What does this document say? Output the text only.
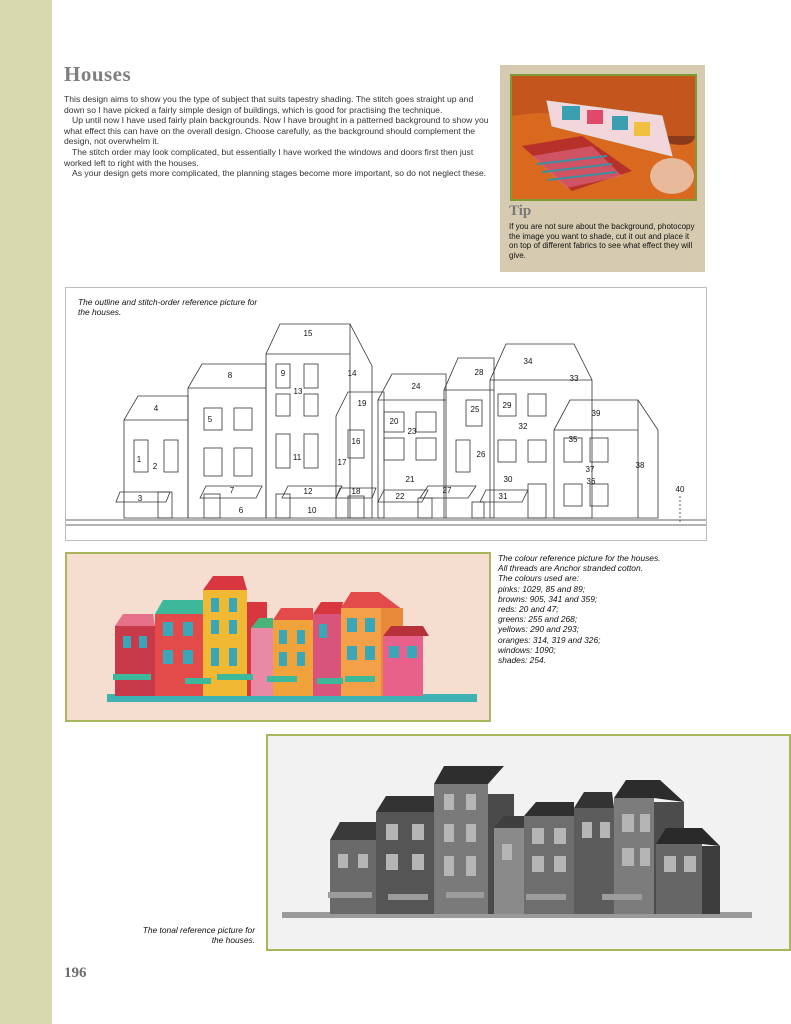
Houses

This design aims to show you the type of subject that suits tapestry shading. The stitch goes straight up and down so I have picked a fairly simple design of buildings, which is good for practising the technique.

Up until now I have used fairly plain backgrounds. Now I have brought in a patterned background to show you what effect this can have on the overall design. Choose carefully, as the background should complement the design, not overwhelm it.

The stitch order may look complicated, but essentially I have worked the windows and doors first then just worked left to right with the houses.

As your design gets more complicated, the planning stages become more important, so do not neglect these.

Tip
If you are not sure about the background, photocopy the image you want to shade, cut it out and place it on top of different fabrics to see what effect they will give.
1
2
3
4
5
6
7
8	9
10
11
12
13
14
15
16
17
18
19
20
21
22
23
24
25
26
27
28
29
30
31
32
33
34
35
36
37	38
39
40
The outline and stitch-order reference picture for the houses.
The colour reference picture for the houses.
All threads are Anchor stranded cotton.
The colours used are:
pinks: 1029, 85 and 89;
browns: 905, 341 and 359;
reds: 20 and 47;
greens: 255 and 268;
yellows: 290 and 293;
oranges: 314, 319 and 326;
windows: 1090;
shades: 254.
The tonal reference picture for the houses.
196
